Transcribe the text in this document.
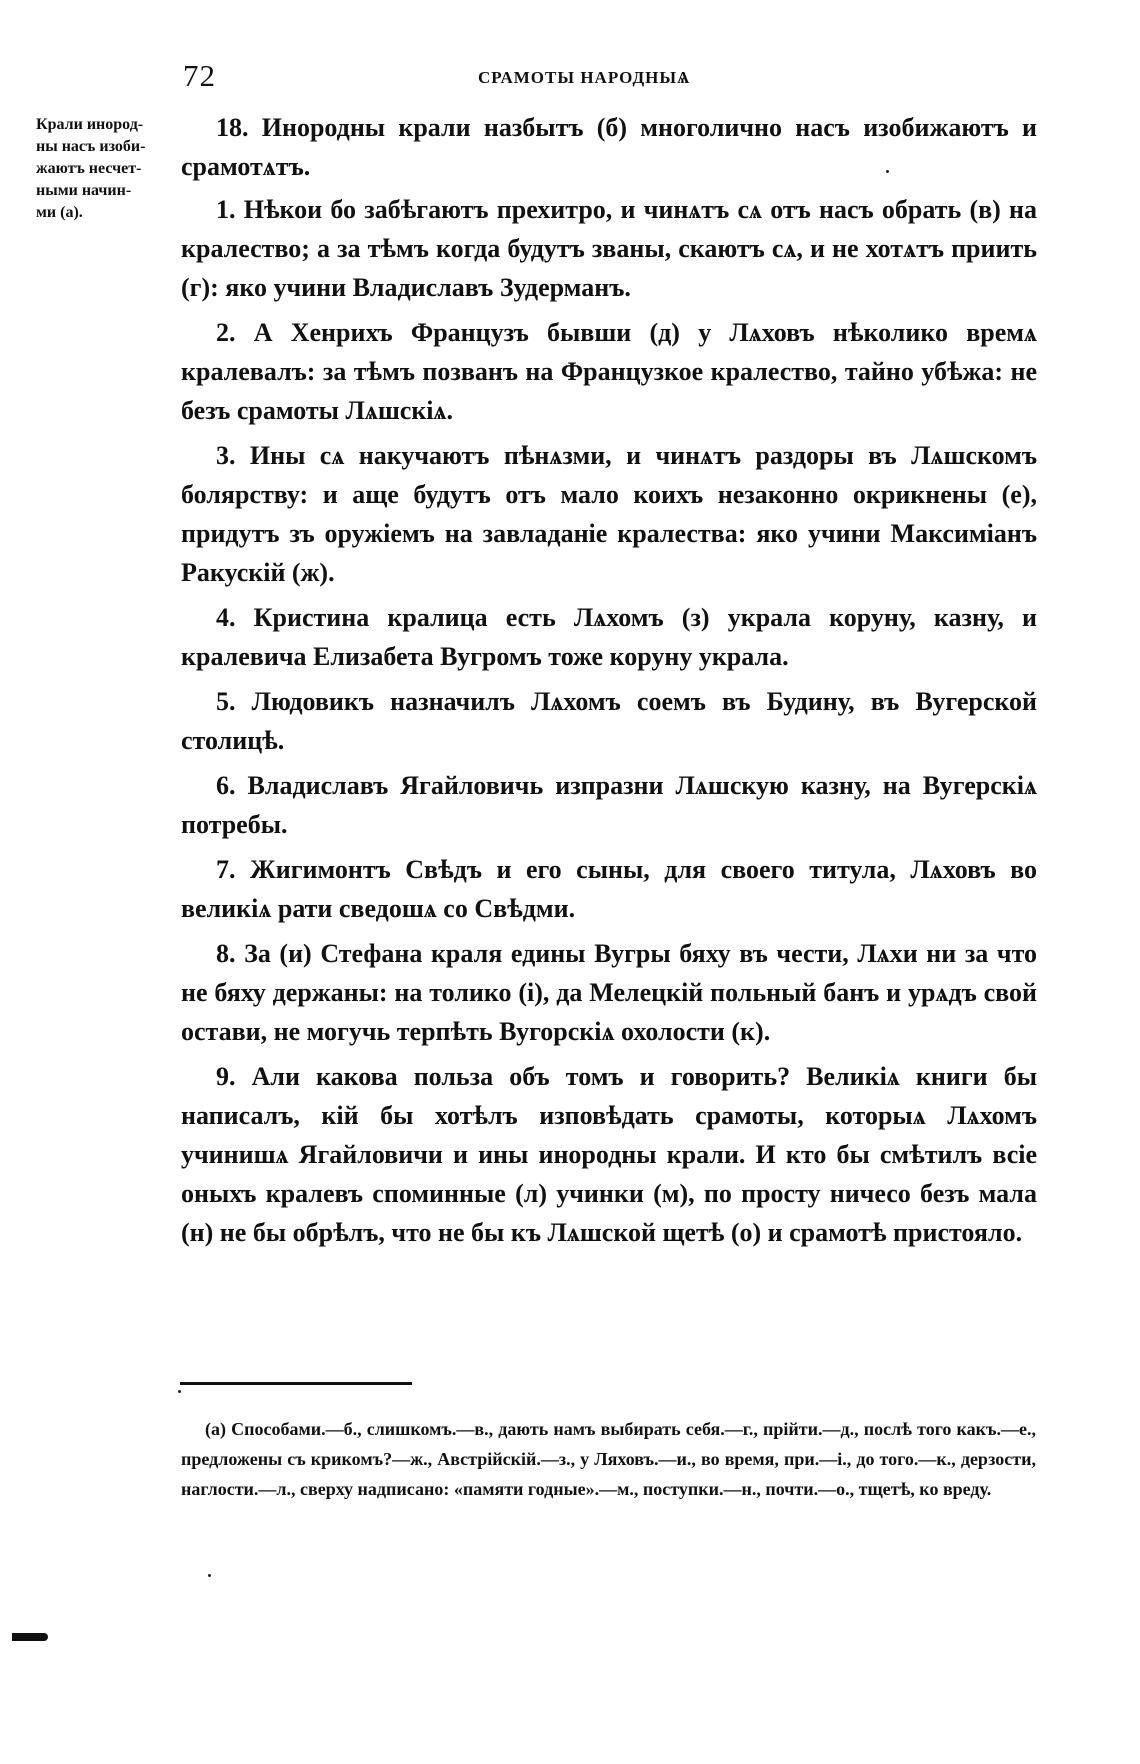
72	СРАМОТЫ НАРОДНЫѦ
Крали инород-
ны насъ изоби-
жаютъ несчет-
ными начин-
ми (а).

18. Инородны крали назбытъ (б) многолично насъ изобижаютъ и срамотѧтъ.

1. Нѣкои бо забѣгаютъ прехитро, и чинѧтъ сѧ отъ насъ обрать (в) на кралество; а за тѣмъ когда будутъ званы, скаютъ сѧ, и не хотѧтъ приить (г): яко учини Владиславъ Зудерманъ.

2. А Хенрихъ Французъ бывши (д) у Лѧховъ нѣколико времѧ кралевалъ: за тѣмъ позванъ на Французкое кралество, тайно убѣжа: не безъ срамоты Лѧшскiѧ.

3. Ины сѧ накучаютъ пѣнѧзми, и чинѧтъ раздоры въ Лѧшскомъ болярству: и аще будутъ отъ мало коихъ незаконно окрикнены (е), придутъ зъ оружiемъ на завладанiе кралества: яко учини Максимiанъ Ракускiй (ж).

4. Кристина кралица есть Лѧхомъ (з) украла коруну, казну, и кралевича Елизабета Вугромъ тоже коруну украла.

5. Людовикъ назначилъ Лѧхомъ соемъ въ Будину, въ Вугерской столицѣ.

6. Владиславъ Ягайловичь изпразни Лѧшскую казну, на Вугерскiѧ потребы.

7. Жигимонтъ Свѣдъ и его сыны, для своего титула, Лѧховъ во великiѧ рати сведошѧ со Свѣдми.

8. За (и) Стефана краля едины Вугры бяху въ чести, Лѧхи ни за что не бяху держаны: на толико (i), да Мелецкiй польный банъ и урѧдъ свой остави, не могучь терпѣть Вугорскiѧ охолости (к).

9. Али какова польза объ томъ и говорить? Великiѧ книги бы написалъ, кiй бы хотѣлъ изповѣдать срамоты, которыѧ Лѧхомъ учинишѧ Ягайловичи и ины инородны крали. И кто бы смѣтилъ всiе оныхъ кралевъ споминные (л) учинки (м), по просту ничесо безъ мала (н) не бы обрѣлъ, что не бы къ Лѧшской щетѣ (о) и срамотѣ пристояло.

(а) Способами.—б., слишкомъ.—в., дають намъ выбирать себя.—г., прiйти.—д., послѣ того какъ.—е., предложены съ крикомъ?—ж., Австрiйскiй.—з., у Ляховъ.—и., во время, при.—i., до того.—к., дерзости, наглости.—л., сверху надписано: «памяти годные».—м., поступки.—н., почти.—о., тщетѣ, ко вреду.
